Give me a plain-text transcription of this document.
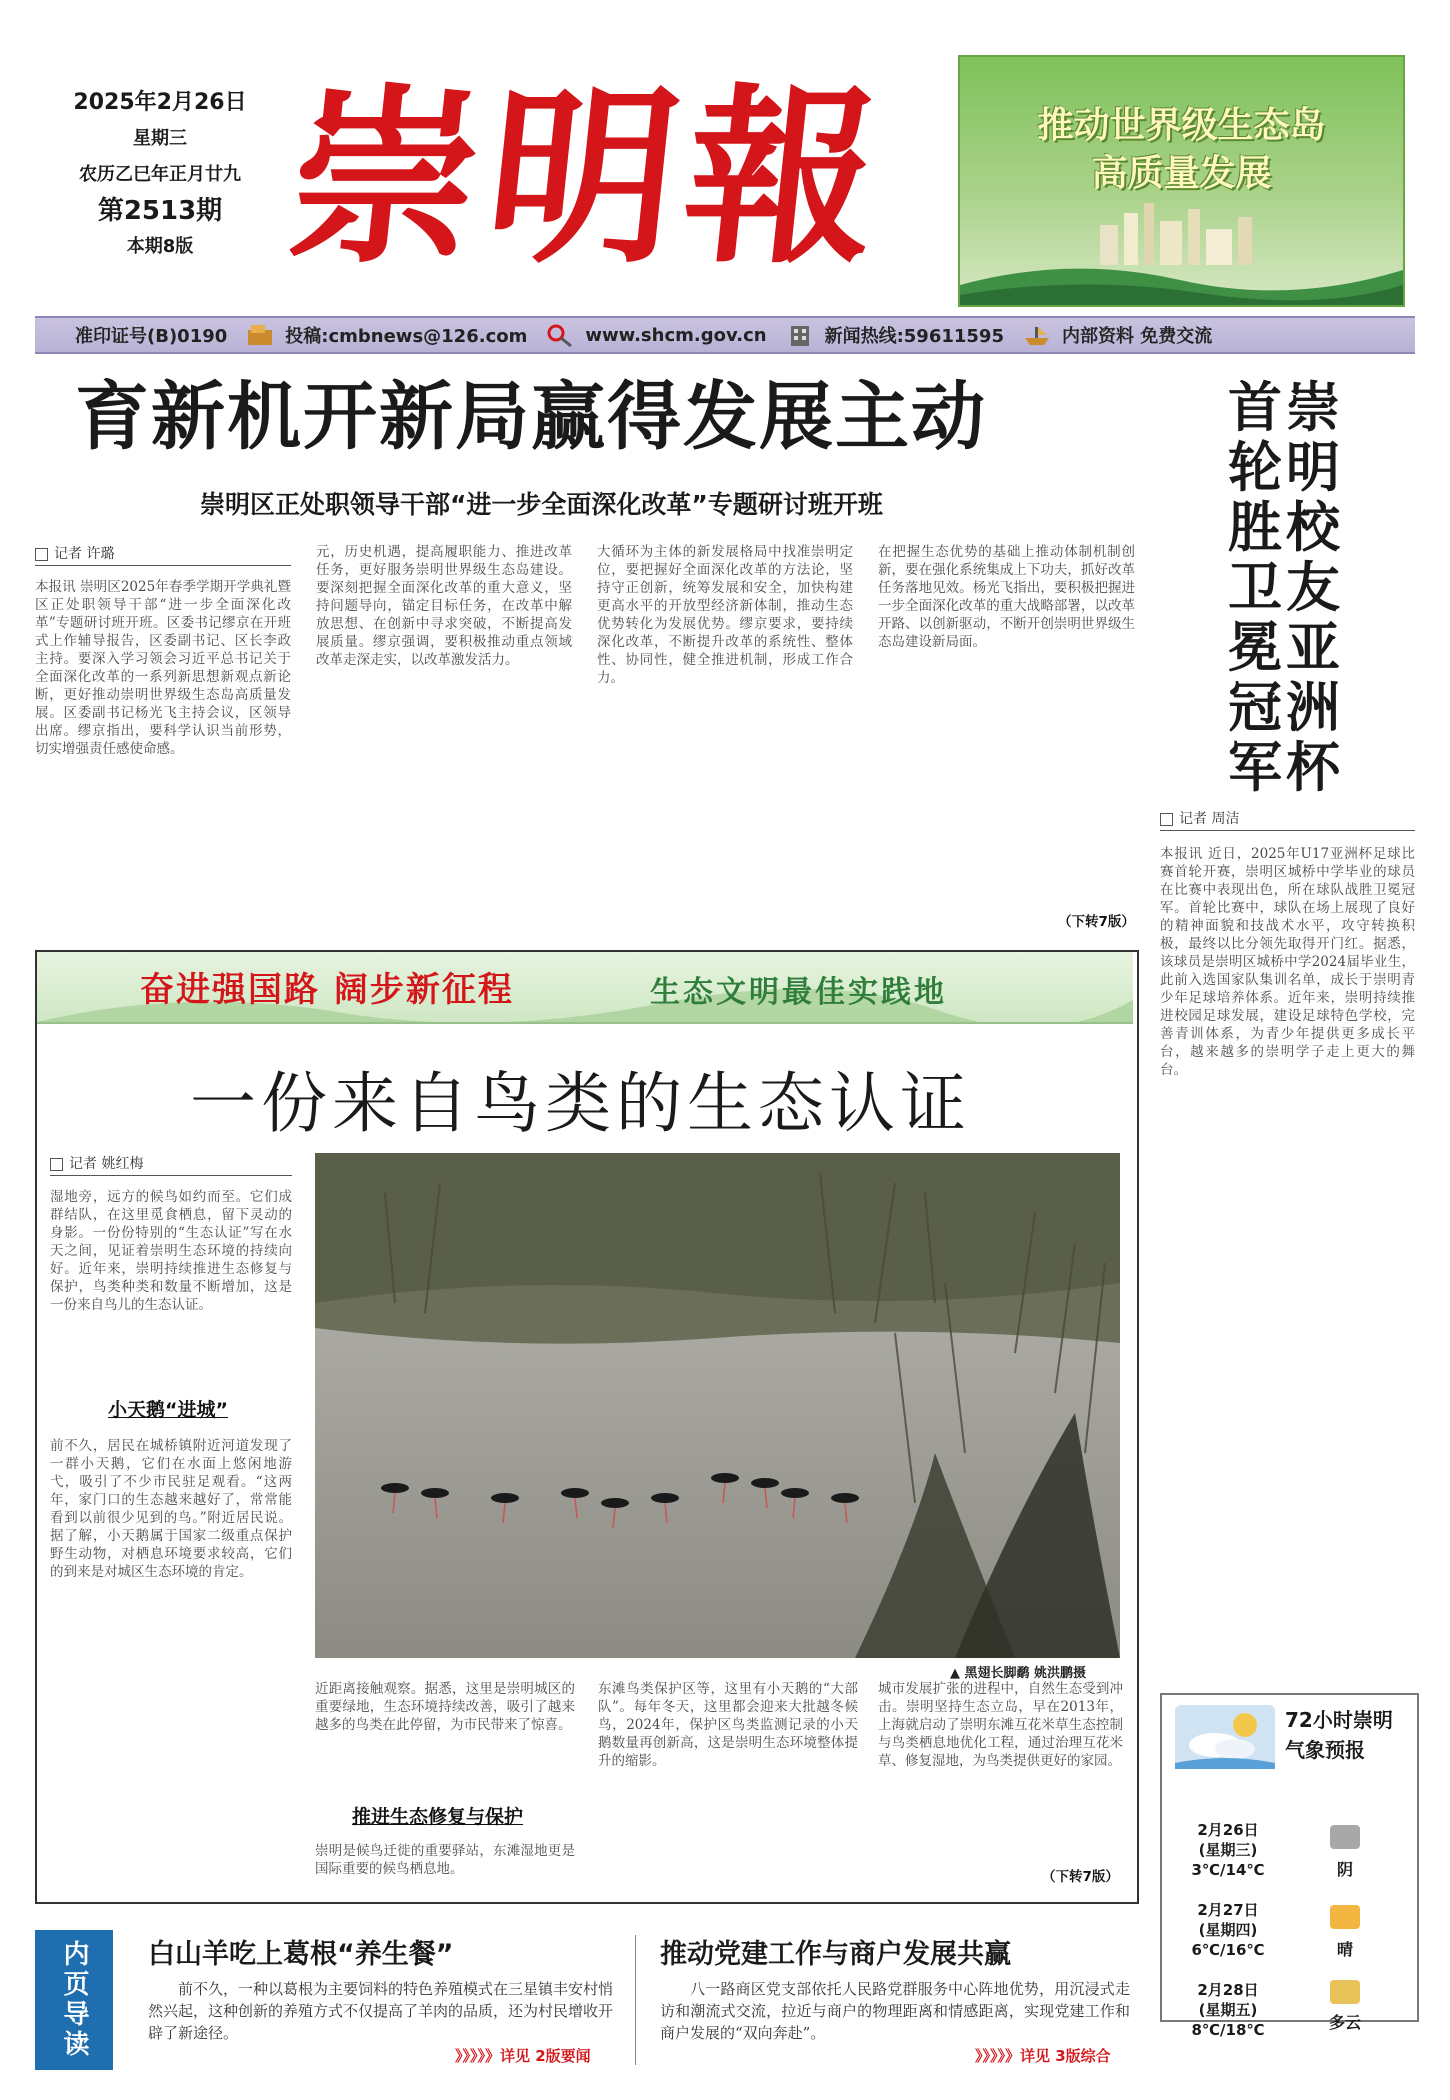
2025年2月26日
星期三
农历乙巳年正月廿九
第2513期
本期8版 崇明報	推动世界级生态岛
高质量发展
准印证号(B)0190	投稿:cmbnews@126.com	www.shcm.gov.cn	新闻热线:59611595	内部资料 免费交流
育新机开新局赢得发展主动
崇明区正处职领导干部“进一步全面深化改革”专题研讨班开班
记者 许璐
本报讯 崇明区2025年春季学期开学典礼暨区正处职领导干部“进一步全面深化改革”专题研讨班开班。区委书记缪京在开班式上作辅导报告，区委副书记、区长李政主持。要深入学习领会习近平总书记关于全面深化改革的一系列新思想新观点新论断，更好推动崇明世界级生态岛高质量发展。区委副书记杨光飞主持会议，区领导出席。缪京指出，要科学认识当前形势，切实增强责任感使命感。
元，历史机遇，提高履职能力、推进改革任务，更好服务崇明世界级生态岛建设。要深刻把握全面深化改革的重大意义，坚持问题导向，锚定目标任务，在改革中解放思想、在创新中寻求突破，不断提高发展质量。缪京强调，要积极推动重点领域改革走深走实，以改革激发活力。
大循环为主体的新发展格局中找准崇明定位，要把握好全面深化改革的方法论，坚持守正创新，统筹发展和安全，加快构建更高水平的开放型经济新体制，推动生态优势转化为发展优势。缪京要求，要持续深化改革，不断提升改革的系统性、整体性、协同性，健全推进机制，形成工作合力。
在把握生态优势的基础上推动体制机制创新，要在强化系统集成上下功夫，抓好改革任务落地见效。杨光飞指出，要积极把握进一步全面深化改革的重大战略部署，以改革开路、以创新驱动，不断开创崇明世界级生态岛建设新局面。
（下转7版）
崇明校友亚洲杯
首轮胜卫冕冠军
记者 周洁
本报讯 近日，2025年U17亚洲杯足球比赛首轮开赛，崇明区城桥中学毕业的球员在比赛中表现出色，所在球队战胜卫冕冠军。首轮比赛中，球队在场上展现了良好的精神面貌和技战术水平，攻守转换积极，最终以比分领先取得开门红。据悉，该球员是崇明区城桥中学2024届毕业生，此前入选国家队集训名单，成长于崇明青少年足球培养体系。近年来，崇明持续推进校园足球发展，建设足球特色学校，完善青训体系，为青少年提供更多成长平台，越来越多的崇明学子走上更大的舞台。
奋进强国路 阔步新征程	生态文明最佳实践地
一份来自鸟类的生态认证
记者 姚红梅
湿地旁，远方的候鸟如约而至。它们成群结队，在这里觅食栖息，留下灵动的身影。一份份特别的“生态认证”写在水天之间，见证着崇明生态环境的持续向好。近年来，崇明持续推进生态修复与保护，鸟类种类和数量不断增加，这是一份来自鸟儿的生态认证。
小天鹅“进城”
前不久，居民在城桥镇附近河道发现了一群小天鹅，它们在水面上悠闲地游弋，吸引了不少市民驻足观看。“这两年，家门口的生态越来越好了，常常能看到以前很少见到的鸟。”附近居民说。据了解，小天鹅属于国家二级重点保护野生动物，对栖息环境要求较高，它们的到来是对城区生态环境的肯定。
▲ 黑翅长脚鹬 姚洪鹏摄
近距离接触观察。据悉，这里是崇明城区的重要绿地，生态环境持续改善，吸引了越来越多的鸟类在此停留，为市民带来了惊喜。
推进生态修复与保护
崇明是候鸟迁徙的重要驿站，东滩湿地更是国际重要的候鸟栖息地。
东滩鸟类保护区等，这里有小天鹅的“大部队”。每年冬天，这里都会迎来大批越冬候鸟，2024年，保护区鸟类监测记录的小天鹅数量再创新高，这是崇明生态环境整体提升的缩影。
城市发展扩张的进程中，自然生态受到冲击。崇明坚持生态立岛，早在2013年，上海就启动了崇明东滩互花米草生态控制与鸟类栖息地优化工程，通过治理互花米草、修复湿地，为鸟类提供更好的家园。
（下转7版）
72小时崇明
气象预报
2月26日
(星期三)
3℃/14℃	阴
2月27日
(星期四)
6℃/16℃	晴
2月28日
(星期五)
8℃/18℃	多云
内页导读 白山羊吃上葛根“养生餐”
前不久，一种以葛根为主要饲料的特色养殖模式在三星镇丰安村悄然兴起，这种创新的养殖方式不仅提高了羊肉的品质，还为村民增收开辟了新途径。
》》》》》详见 2版要闻
推动党建工作与商户发展共赢
八一路商区党支部依托人民路党群服务中心阵地优势，用沉浸式走访和潮流式交流，拉近与商户的物理距离和情感距离，实现党建工作和商户发展的“双向奔赴”。
》》》》》详见 3版综合
